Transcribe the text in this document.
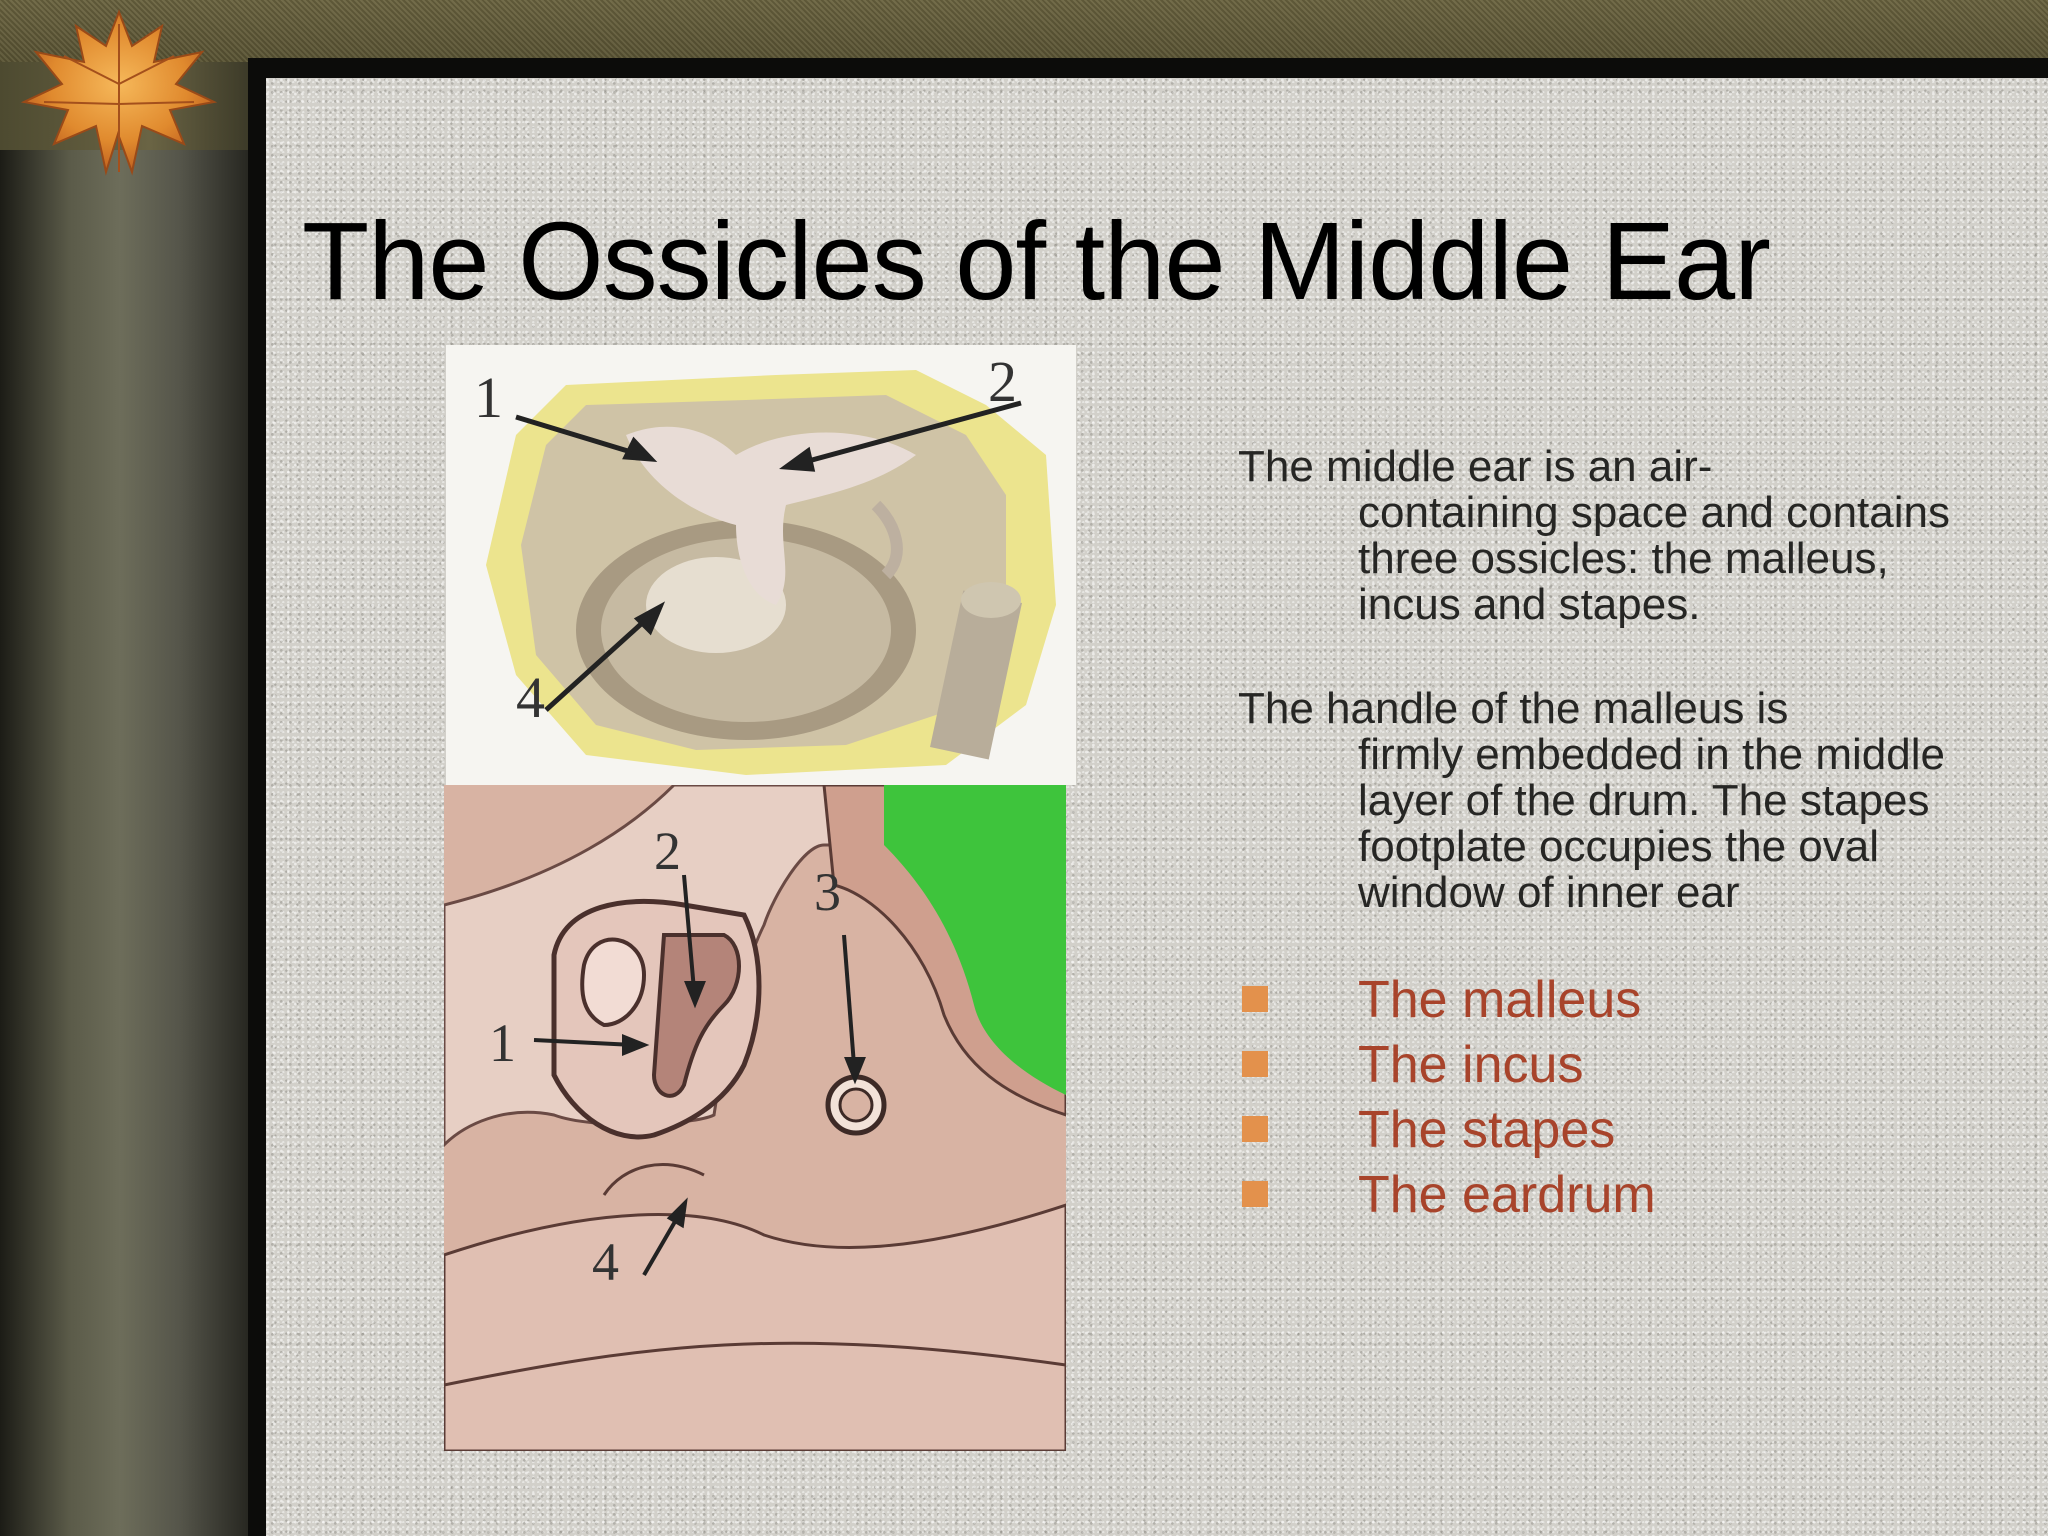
The Ossicles of the Middle Ear
1	2
4
1
2
3
4
The middle ear is an air-
containing space and contains three ossicles: the malleus, incus and stapes.
The handle of the malleus is
firmly embedded in the middle layer of the drum. The stapes footplate occupies the oval window of inner ear
The malleus
The incus
The stapes
The eardrum
